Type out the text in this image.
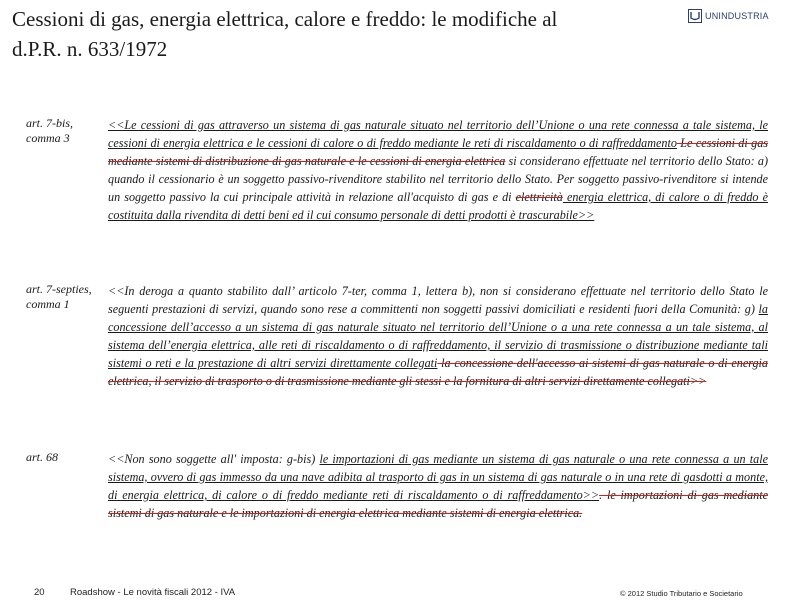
Cessioni di gas, energia elettrica, calore e freddo: le modifiche al d.P.R. n. 633/1972
UNINDUSTRIA
art. 7-bis, comma 3
<<Le cessioni di gas attraverso un sistema di gas naturale situato nel territorio dell’Unione o una rete connessa a tale sistema, le cessioni di energia elettrica e le cessioni di calore o di freddo mediante le reti di riscaldamento o di raffreddamento Le cessioni di gas mediante sistemi di distribuzione di gas naturale e le cessioni di energia elettrica si considerano effettuate nel territorio dello Stato: a) quando il cessionario è un soggetto passivo-rivenditore stabilito nel territorio dello Stato. Per soggetto passivo-rivenditore si intende un soggetto passivo la cui principale attività in relazione all'acquisto di gas e di elettricità energia elettrica, di calore o di freddo è costituita dalla rivendita di detti beni ed il cui consumo personale di detti prodotti è trascurabile>>
art. 7-septies, comma 1
<<In deroga a quanto stabilito dall’ articolo 7-ter, comma 1, lettera b), non si considerano effettuate nel territorio dello Stato le seguenti prestazioni di servizi, quando sono rese a committenti non soggetti passivi domiciliati e residenti fuori della Comunità: g) la concessione dell’accesso a un sistema di gas naturale situato nel territorio dell’Unione o a una rete connessa a un tale sistema, al sistema dell’energia elettrica, alle reti di riscaldamento o di raffreddamento, il servizio di trasmissione o distribuzione mediante tali sistemi o reti e la prestazione di altri servizi direttamente collegati la concessione dell'accesso ai sistemi di gas naturale o di energia elettrica, il servizio di trasporto o di trasmissione mediante gli stessi e la fornitura di altri servizi direttamente collegati>>
art. 68	<<Non sono soggette all' imposta: g-bis) le importazioni di gas mediante un sistema di gas naturale o una rete connessa a un tale sistema, ovvero di gas immesso da una nave adibita al trasporto di gas in un sistema di gas naturale o in una rete di gasdotti a monte, di energia elettrica, di calore o di freddo mediante reti di riscaldamento o di raffreddamento>>. le importazioni di gas mediante sistemi di gas naturale e le importazioni di energia elettrica mediante sistemi di energia elettrica.
20	Roadshow - Le novità fiscali 2012 - IVA	© 2012 Studio Tributario e Societario
